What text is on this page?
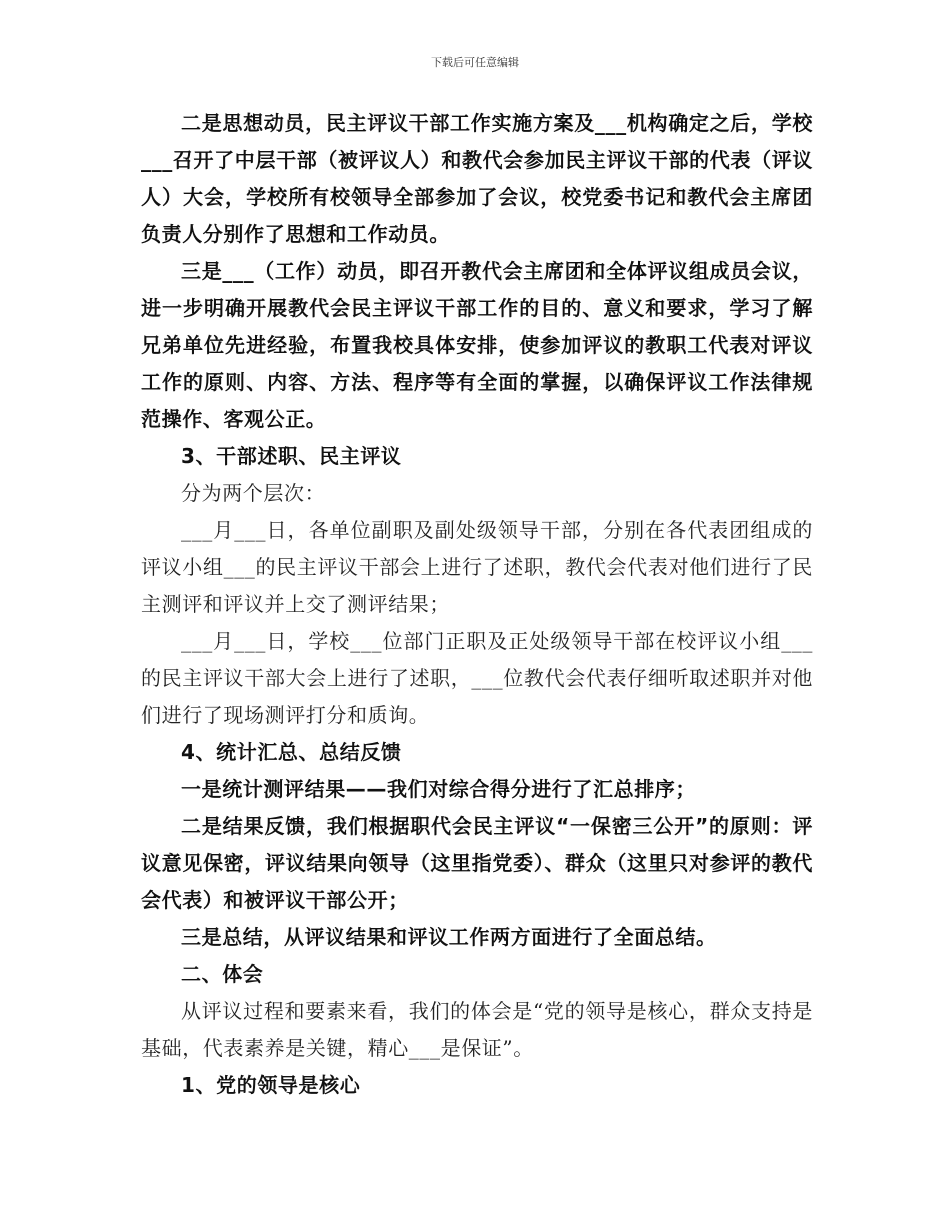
下载后可任意编辑

二是思想动员，民主评议干部工作实施方案及___机构确定之后，学校___召开了中层干部（被评议人）和教代会参加民主评议干部的代表（评议人）大会，学校所有校领导全部参加了会议，校党委书记和教代会主席团负责人分别作了思想和工作动员。

三是___（工作）动员，即召开教代会主席团和全体评议组成员会议，进一步明确开展教代会民主评议干部工作的目的、意义和要求，学习了解兄弟单位先进经验，布置我校具体安排，使参加评议的教职工代表对评议工作的原则、内容、方法、程序等有全面的掌握，以确保评议工作法律规范操作、客观公正。

3、干部述职、民主评议

分为两个层次：

___月___日，各单位副职及副处级领导干部，分别在各代表团组成的评议小组___的民主评议干部会上进行了述职，教代会代表对他们进行了民主测评和评议并上交了测评结果；

___月___日，学校___位部门正职及正处级领导干部在校评议小组___的民主评议干部大会上进行了述职，___位教代会代表仔细听取述职并对他们进行了现场测评打分和质询。

4、统计汇总、总结反馈

一是统计测评结果——我们对综合得分进行了汇总排序；

二是结果反馈，我们根据职代会民主评议“一保密三公开”的原则：评议意见保密，评议结果向领导（这里指党委）、群众（这里只对参评的教代会代表）和被评议干部公开；

三是总结，从评议结果和评议工作两方面进行了全面总结。

二、体会

从评议过程和要素来看，我们的体会是“党的领导是核心，群众支持是基础，代表素养是关键，精心___是保证”。

1、党的领导是核心
